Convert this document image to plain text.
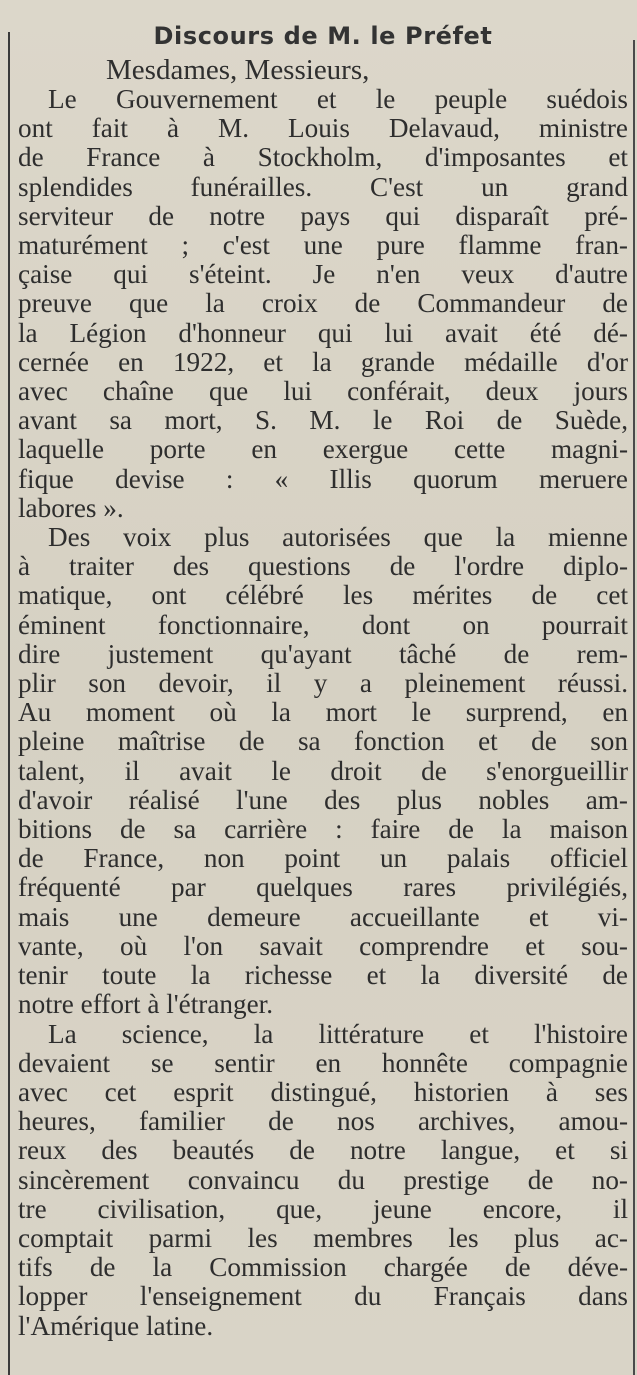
Discours de M. le Préfet
Mesdames, Messieurs,
Le Gouvernement et le peuple suédois
ont fait à M. Louis Delavaud, ministre
de France à Stockholm, d'imposantes et
splendides funérailles. C'est un grand
serviteur de notre pays qui disparaît pré-
maturément ; c'est une pure flamme fran-
çaise qui s'éteint. Je n'en veux d'autre
preuve que la croix de Commandeur de
la Légion d'honneur qui lui avait été dé-
cernée en 1922, et la grande médaille d'or
avec chaîne que lui conférait, deux jours
avant sa mort, S. M. le Roi de Suède,
laquelle porte en exergue cette magni-
fique devise : « Illis quorum meruere
labores ».
Des voix plus autorisées que la mienne
à traiter des questions de l'ordre diplo-
matique, ont célébré les mérites de cet
éminent fonctionnaire, dont on pourrait
dire justement qu'ayant tâché de rem-
plir son devoir, il y a pleinement réussi.
Au moment où la mort le surprend, en
pleine maîtrise de sa fonction et de son
talent, il avait le droit de s'enorgueillir
d'avoir réalisé l'une des plus nobles am-
bitions de sa carrière : faire de la maison
de France, non point un palais officiel
fréquenté par quelques rares privilégiés,
mais une demeure accueillante et vi-
vante, où l'on savait comprendre et sou-
tenir toute la richesse et la diversité de
notre effort à l'étranger.
La science, la littérature et l'histoire
devaient se sentir en honnête compagnie
avec cet esprit distingué, historien à ses
heures, familier de nos archives, amou-
reux des beautés de notre langue, et si
sincèrement convaincu du prestige de no-
tre civilisation, que, jeune encore, il
comptait parmi les membres les plus ac-
tifs de la Commission chargée de déve-
lopper l'enseignement du Français dans
l'Amérique latine.
